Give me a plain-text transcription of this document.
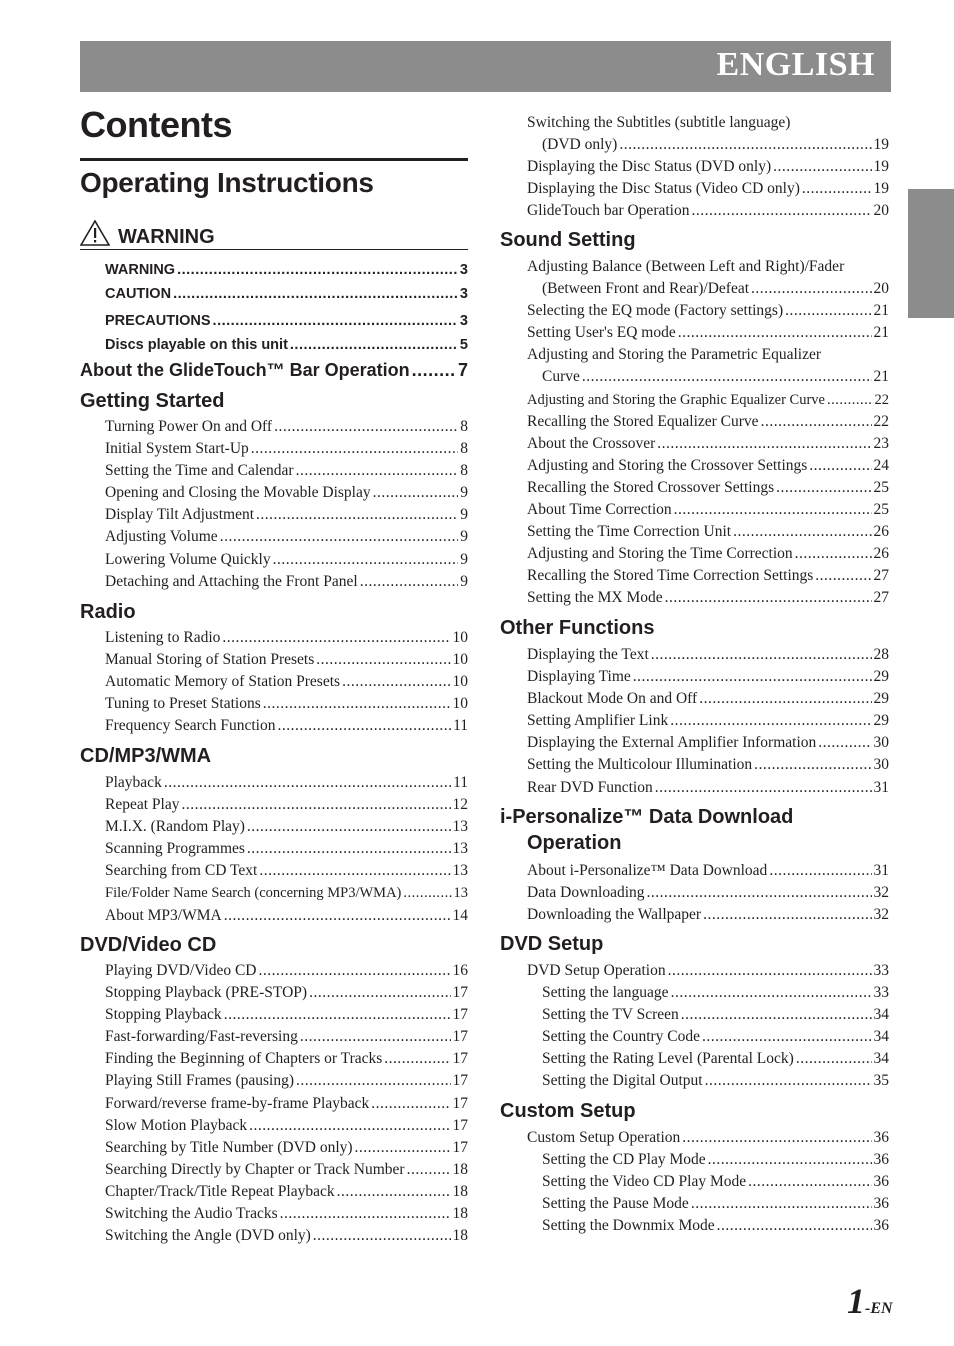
ENGLISH
Contents
Operating Instructions
WARNING
WARNING .....	3
CAUTION .....	3
PRECAUTIONS .....	3
Discs playable on this unit .....	5
About the GlideTouch™ Bar Operation .....	7
Getting Started
Turning Power On and Off .....	8
Initial System Start-Up .....	8
Setting the Time and Calendar .....	8
Opening and Closing the Movable Display .....	9
Display Tilt Adjustment .....	9
Adjusting Volume .....	9
Lowering Volume Quickly .....	9
Detaching and Attaching the Front Panel .....	9
Radio
Listening to Radio .....	10
Manual Storing of Station Presets .....	10
Automatic Memory of Station Presets .....	10
Tuning to Preset Stations .....	10
Frequency Search Function .....	11
CD/MP3/WMA
Playback .....	11
Repeat Play .....	12
M.I.X. (Random Play) .....	13
Scanning Programmes .....	13
Searching from CD Text .....	13
File/Folder Name Search (concerning MP3/WMA) .....	13
About MP3/WMA .....	14
DVD/Video CD
Playing DVD/Video CD .....	16
Stopping Playback (PRE-STOP) .....	17
Stopping Playback .....	17
Fast-forwarding/Fast-reversing .....	17
Finding the Beginning of Chapters or Tracks .....	17
Playing Still Frames (pausing) .....	17
Forward/reverse frame-by-frame Playback .....	17
Slow Motion Playback .....	17
Searching by Title Number (DVD only) .....	17
Searching Directly by Chapter or Track Number .....	18
Chapter/Track/Title Repeat Playback .....	18
Switching the Audio Tracks .....	18
Switching the Angle (DVD only) .....	18
Switching the Subtitles (subtitle language)
(DVD only) .....	19
Displaying the Disc Status (DVD only) .....	19
Displaying the Disc Status (Video CD only) .....	19
GlideTouch bar Operation .....	20
Sound Setting
Adjusting Balance (Between Left and Right)/Fader
(Between Front and Rear)/Defeat .....	20
Selecting the EQ mode (Factory settings) .....	21
Setting User's EQ mode .....	21
Adjusting and Storing the Parametric Equalizer
Curve .....	21
Adjusting and Storing the Graphic Equalizer Curve .....	22
Recalling the Stored Equalizer Curve .....	22
About the Crossover .....	23
Adjusting and Storing the Crossover Settings .....	24
Recalling the Stored Crossover Settings .....	25
About Time Correction .....	25
Setting the Time Correction Unit .....	26
Adjusting and Storing the Time Correction .....	26
Recalling the Stored Time Correction Settings .....	27
Setting the MX Mode .....	27
Other Functions
Displaying the Text .....	28
Displaying Time .....	29
Blackout Mode On and Off .....	29
Setting Amplifier Link .....	29
Displaying the External Amplifier Information .....	30
Setting the Multicolour Illumination .....	30
Rear DVD Function .....	31
i-Personalize™ Data Download
Operation
About i-Personalize™ Data Download .....	31
Data Downloading .....	32
Downloading the Wallpaper .....	32
DVD Setup
DVD Setup Operation .....	33
Setting the language .....	33
Setting the TV Screen .....	34
Setting the Country Code .....	34
Setting the Rating Level (Parental Lock) .....	34
Setting the Digital Output .....	35
Custom Setup
Custom Setup Operation .....	36
Setting the CD Play Mode .....	36
Setting the Video CD Play Mode .....	36
Setting the Pause Mode .....	36
Setting the Downmix Mode .....	36
1-EN
